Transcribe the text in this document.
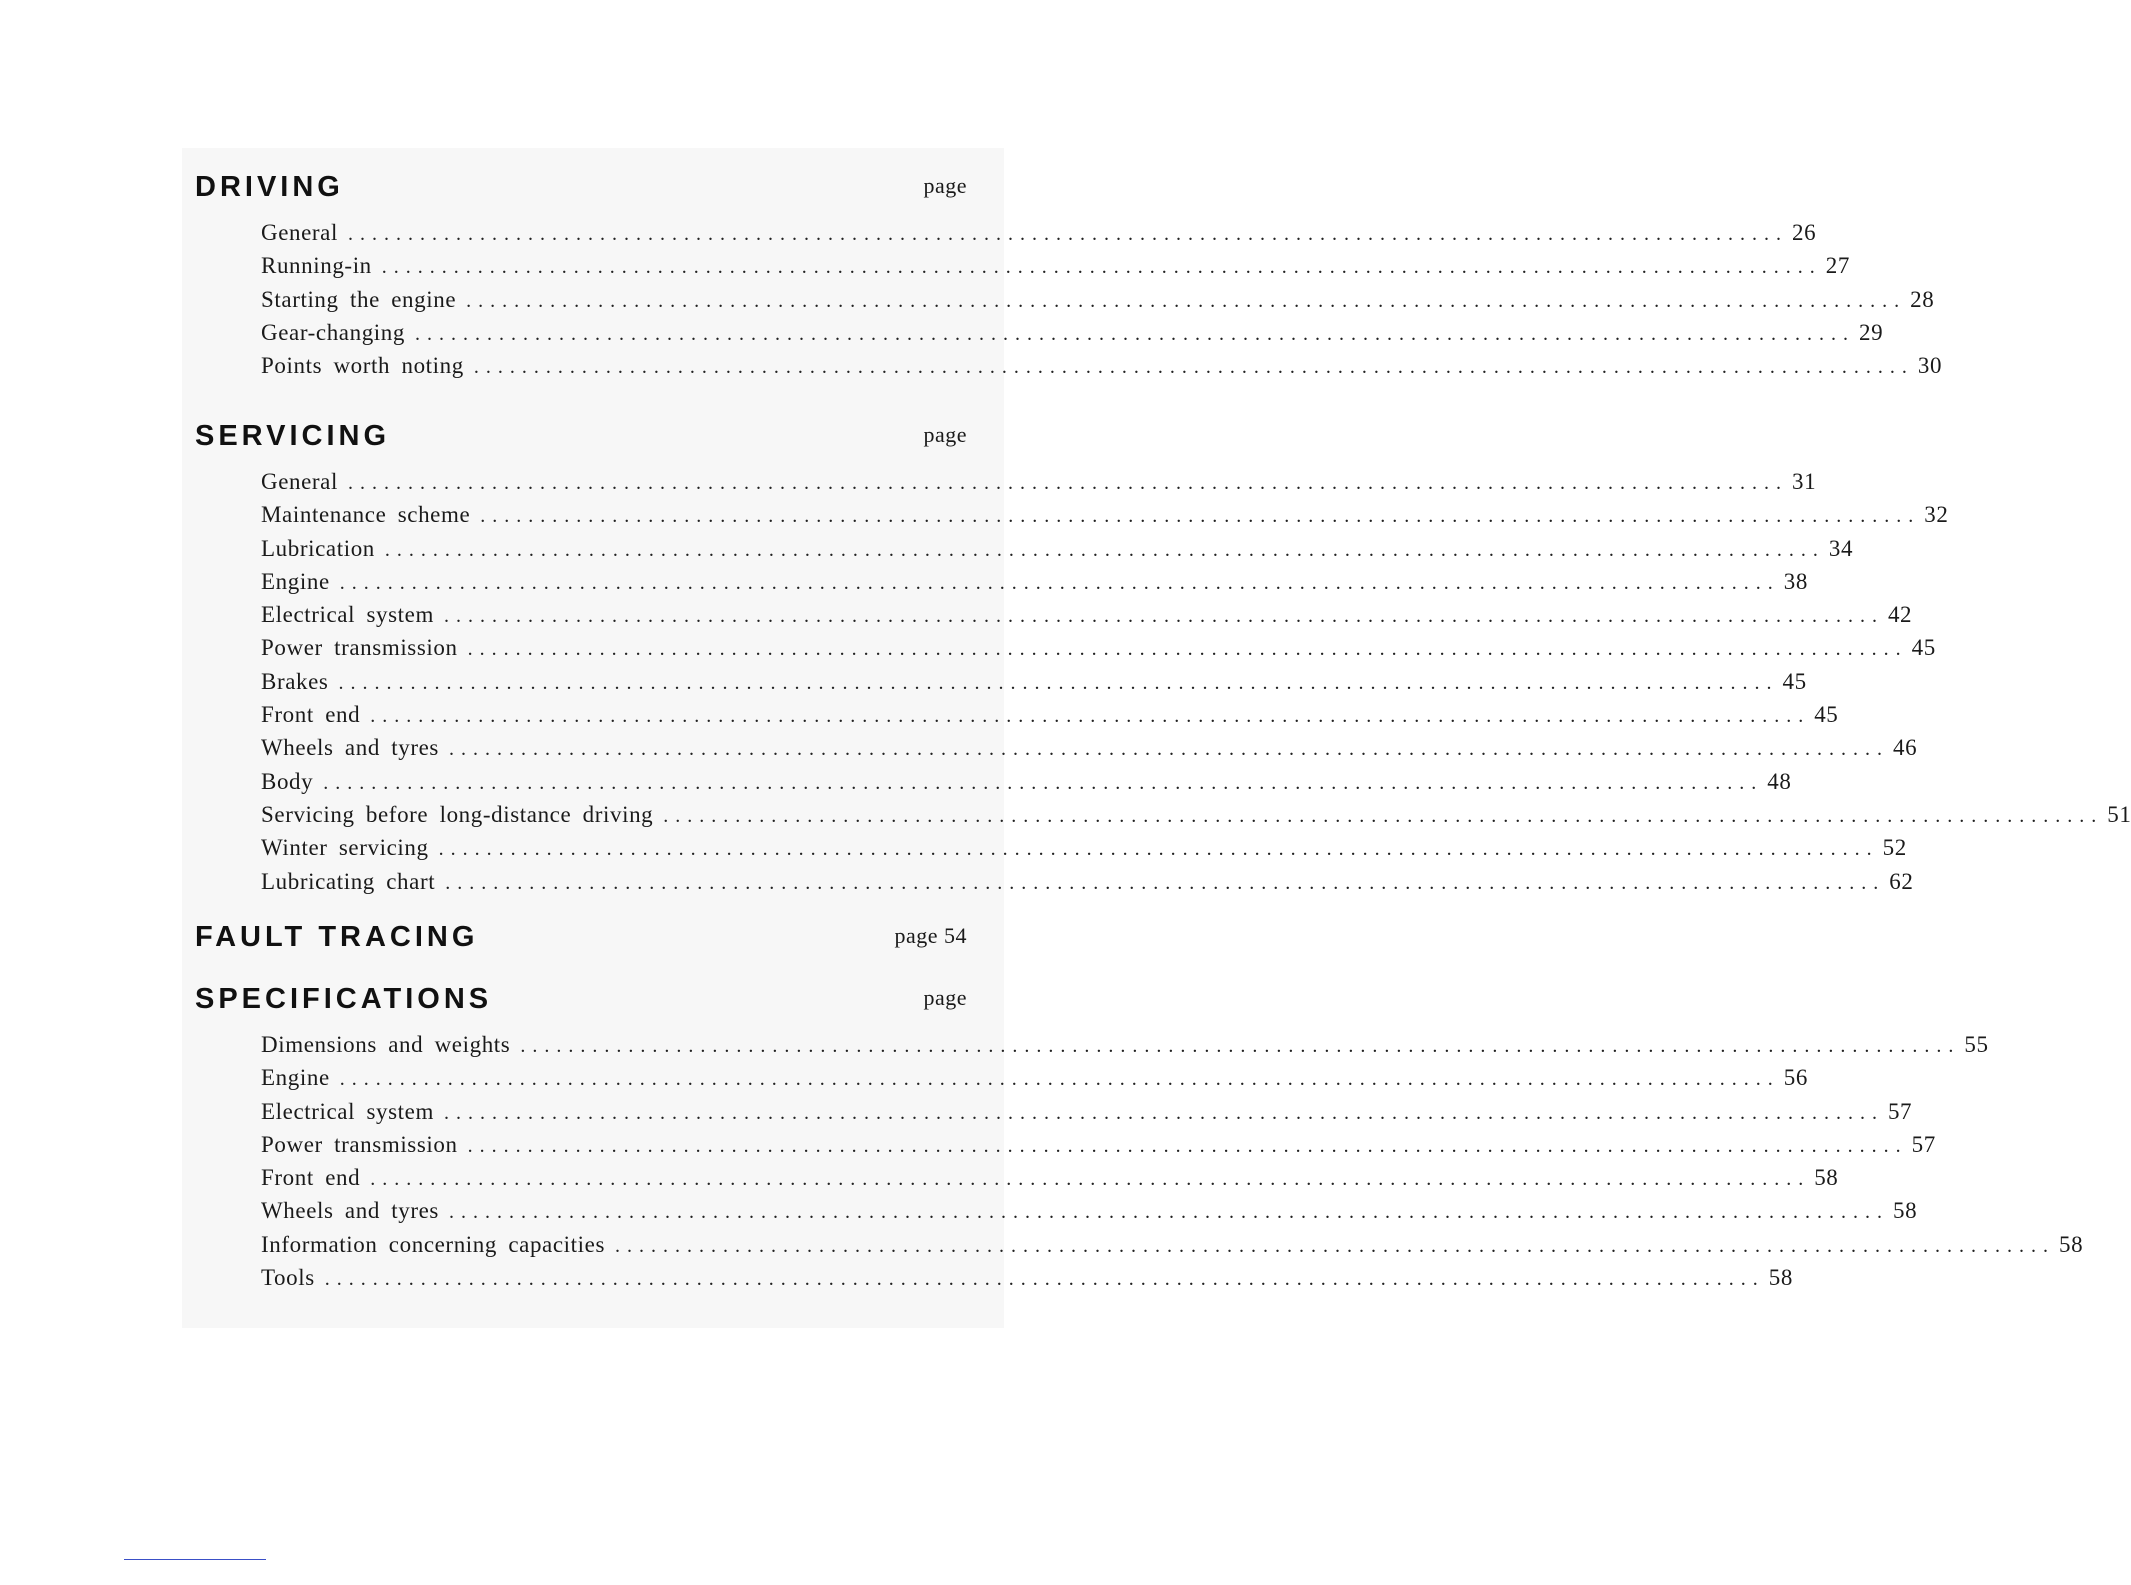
DRIVING	page
General ........................................................................................................................ 26
Running-in ........................................................................................................................ 27
Starting the engine ........................................................................................................................ 28
Gear-changing ........................................................................................................................ 29
Points worth noting ........................................................................................................................ 30
SERVICING	page
General ........................................................................................................................ 31
Maintenance scheme ........................................................................................................................ 32
Lubrication ........................................................................................................................ 34
Engine ........................................................................................................................ 38
Electrical system ........................................................................................................................ 42
Power transmission ........................................................................................................................ 45
Brakes ........................................................................................................................ 45
Front end ........................................................................................................................ 45
Wheels and tyres ........................................................................................................................ 46
Body ........................................................................................................................ 48
Servicing before long-distance driving ........................................................................................................................ 51
Winter servicing ........................................................................................................................ 52
Lubricating chart ........................................................................................................................ 62
FAULT TRACING	page 54
SPECIFICATIONS	page
Dimensions and weights ........................................................................................................................ 55
Engine ........................................................................................................................ 56
Electrical system ........................................................................................................................ 57
Power transmission ........................................................................................................................ 57
Front end ........................................................................................................................ 58
Wheels and tyres ........................................................................................................................ 58
Information concerning capacities ........................................................................................................................ 58
Tools ........................................................................................................................ 58
